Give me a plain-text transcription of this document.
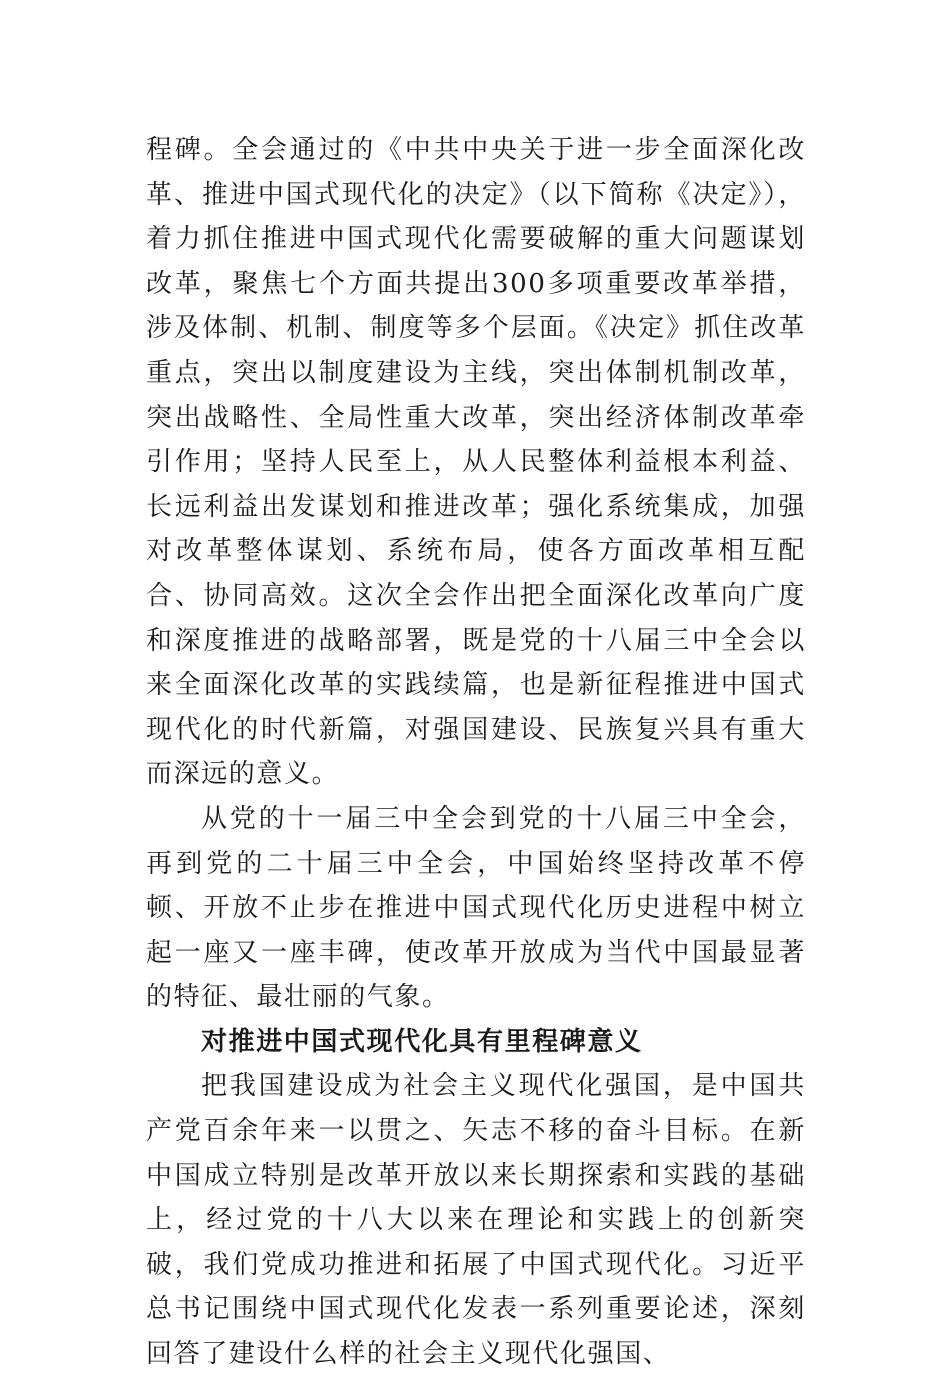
程碑。全会通过的《中共中央关于进一步全面深化改革、推进中国式现代化的决定》（以下简称《决定》），着力抓住推进中国式现代化需要破解的重大问题谋划改革，聚焦七个方面共提出300多项重要改革举措，涉及体制、机制、制度等多个层面。《决定》抓住改革重点，突出以制度建设为主线，突出体制机制改革，突出战略性、全局性重大改革，突出经济体制改革牵引作用；坚持人民至上，从人民整体利益根本利益、长远利益出发谋划和推进改革；强化系统集成，加强对改革整体谋划、系统布局，使各方面改革相互配合、协同高效。这次全会作出把全面深化改革向广度和深度推进的战略部署，既是党的十八届三中全会以来全面深化改革的实践续篇，也是新征程推进中国式现代化的时代新篇，对强国建设、民族复兴具有重大而深远的意义。

从党的十一届三中全会到党的十八届三中全会，再到党的二十届三中全会，中国始终坚持改革不停顿、开放不止步在推进中国式现代化历史进程中树立起一座又一座丰碑，使改革开放成为当代中国最显著的特征、最壮丽的气象。

对推进中国式现代化具有里程碑意义

把我国建设成为社会主义现代化强国，是中国共产党百余年来一以贯之、矢志不移的奋斗目标。在新中国成立特别是改革开放以来长期探索和实践的基础上，经过党的十八大以来在理论和实践上的创新突破，我们党成功推进和拓展了中国式现代化。习近平总书记围绕中国式现代化发表一系列重要论述，深刻回答了建设什么样的社会主义现代化强国、
